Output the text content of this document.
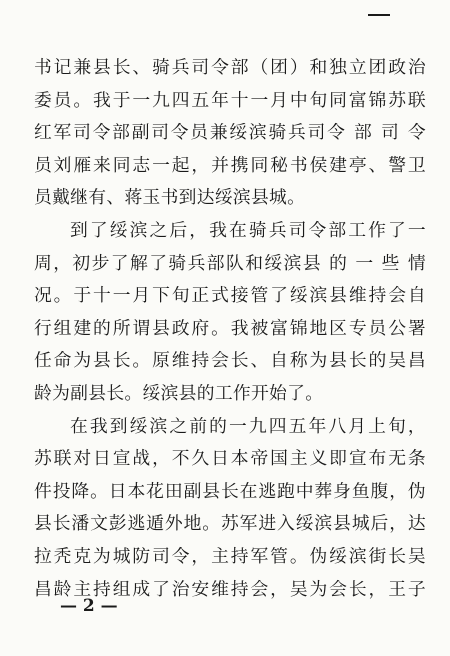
书记兼县长、骑兵司令部（团）和独立团政治
委员。我于一九四五年十一月中旬同富锦苏联
红军司令部副司令员兼绥滨骑兵司令 部 司 令
员刘雁来同志一起，并携同秘书侯建亭、警卫
员戴继有、蒋玉书到达绥滨县城。
到了绥滨之后，我在骑兵司令部工作了一
周，初步了解了骑兵部队和绥滨县 的 一 些 情
况。于十一月下旬正式接管了绥滨县维持会自
行组建的所谓县政府。我被富锦地区专员公署
任命为县长。原维持会长、自称为县长的吴昌
龄为副县长。绥滨县的工作开始了。
在我到绥滨之前的一九四五年八月上旬，
苏联对日宣战，不久日本帝国主义即宣布无条
件投降。日本花田副县长在逃跑中葬身鱼腹，伪
县长潘文彭逃遁外地。苏军进入绥滨县城后，达
拉秃克为城防司令，主持军管。伪绥滨街长吴
昌龄主持组成了治安维持会，吴为会长，王子
— 2 —
